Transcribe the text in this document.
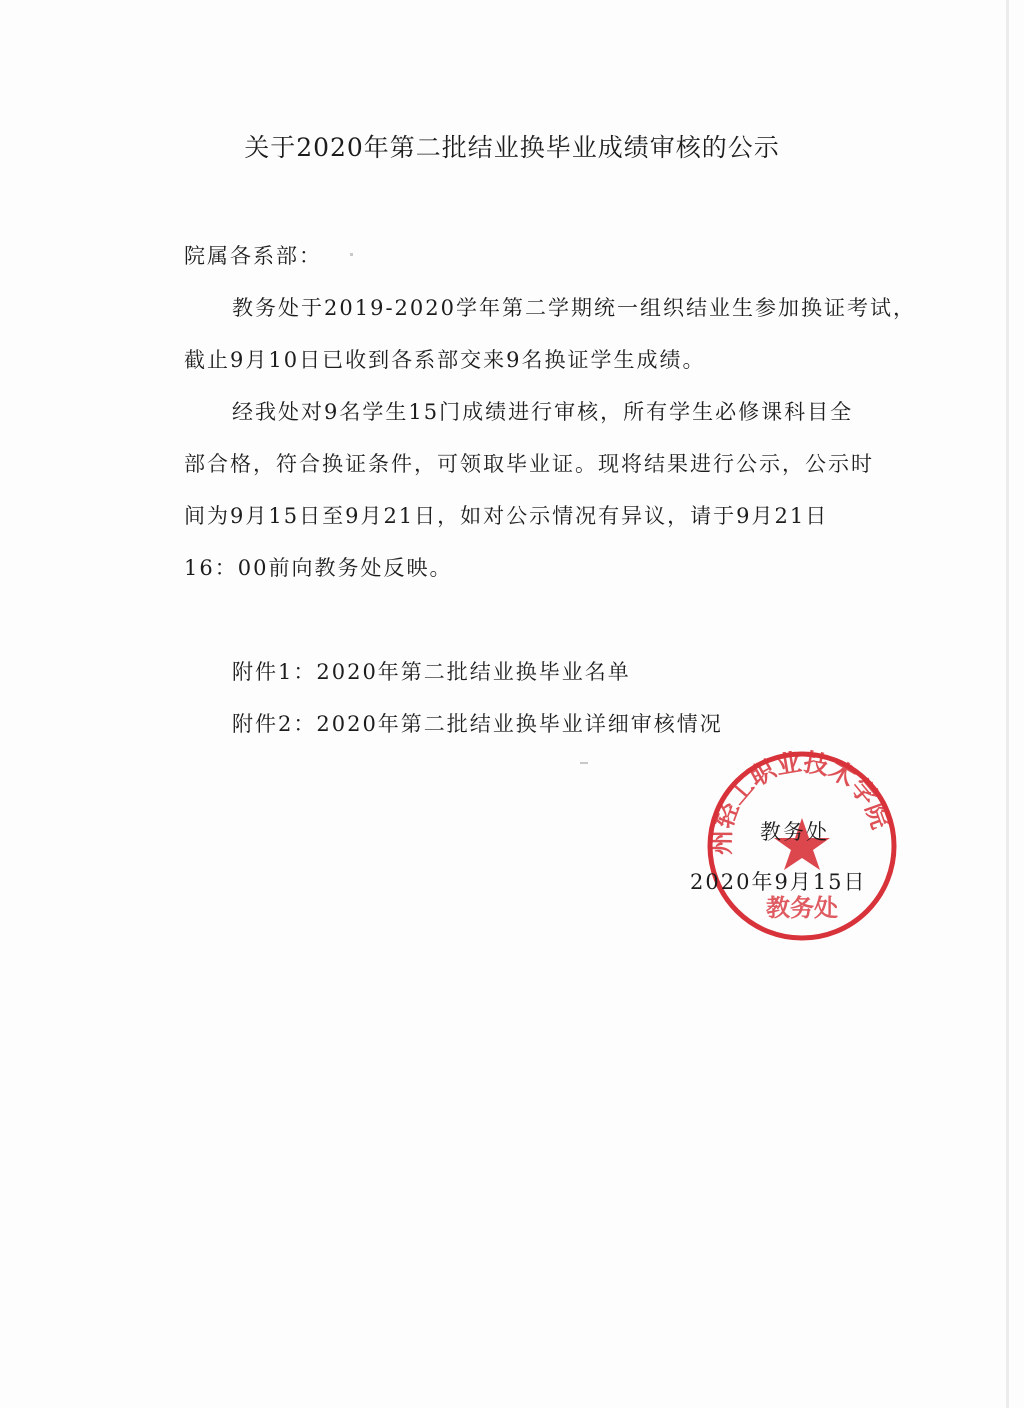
关于2020年第二批结业换毕业成绩审核的公示
院属各系部：
教务处于2019-2020学年第二学期统一组织结业生参加换证考试，
截止9月10日已收到各系部交来9名换证学生成绩。
经我处对9名学生15门成绩进行审核，所有学生必修课科目全
部合格，符合换证条件，可领取毕业证。现将结果进行公示，公示时
间为9月15日至9月21日，如对公示情况有异议，请于9月21日
16：00前向教务处反映。
附件1：2020年第二批结业换毕业名单
附件2：2020年第二批结业换毕业详细审核情况
州轻工职业技术学院
教务处
教务处
2020年9月15日
